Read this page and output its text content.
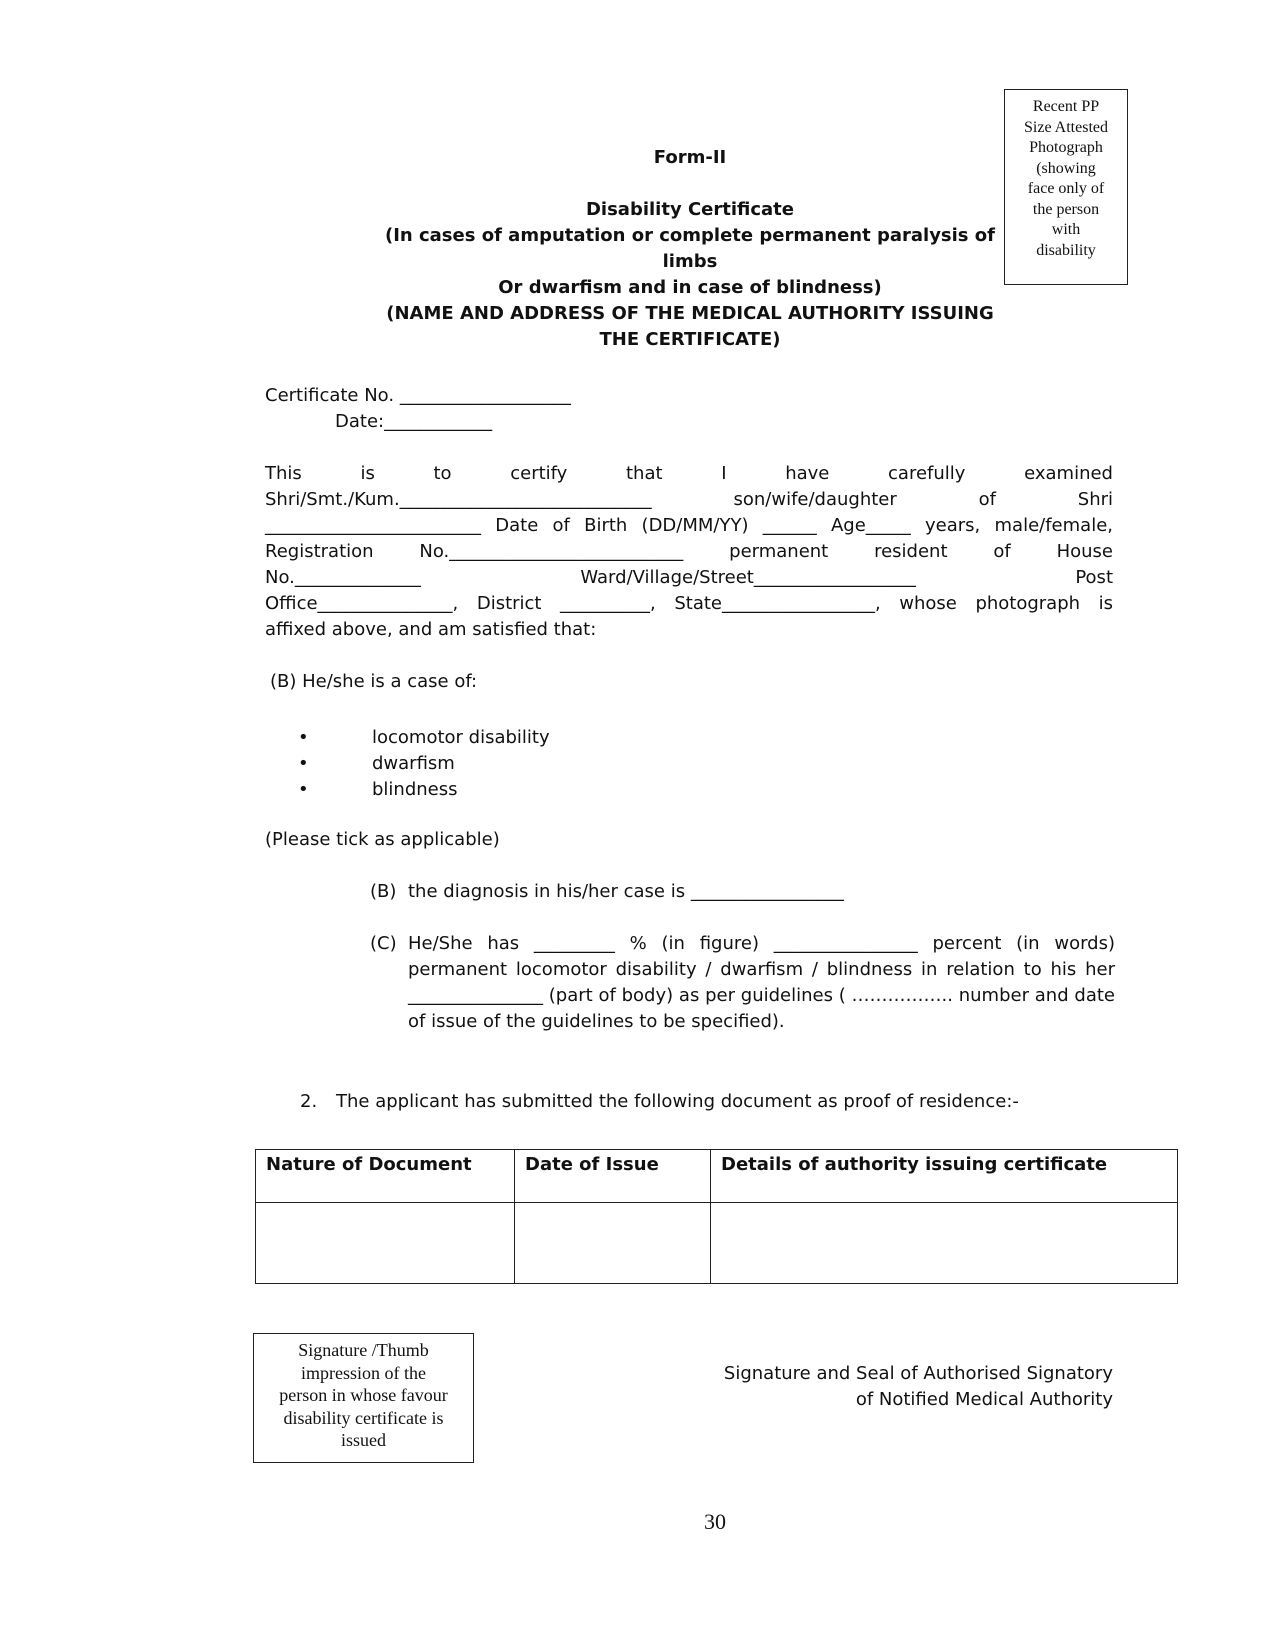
Recent PP
Size Attested
Photograph
(showing
face only of
the person
with
disability
Form-II
Disability Certificate
(In cases of amputation or complete permanent paralysis of limbs
Or dwarfism and in case of blindness)
(NAME AND ADDRESS OF THE MEDICAL AUTHORITY ISSUING
THE CERTIFICATE)
Certificate No. ___________________
Date:____________
This is to certify that I have carefully examined
Shri/Smt./Kum.____________________________ son/wife/daughter of Shri
________________________ Date of Birth (DD/MM/YY) ______ Age_____ years, male/female,
Registration No.__________________________ permanent resident of House
No.______________ Ward/Village/Street__________________ Post
Office_______________, District __________, State_________________, whose photograph is
affixed above, and am satisfied that:
(B) He/she is a case of:
•	locomotor disability
•	dwarfism
•	blindness
(Please tick as applicable)
(B) the diagnosis in his/her case is _________________
(C) He/She has _________ % (in figure) ________________ percent (in words)
permanent locomotor disability / dwarfism / blindness in relation to his her
_______________ (part of body) as per guidelines ( …………….. number and date
of issue of the guidelines to be specified).
2. The applicant has submitted the following document as proof of residence:-
Nature of Document	Date of Issue	Details of authority issuing certificate

Signature /Thumb
impression of the
person in whose favour
disability certificate is
issued
Signature and Seal of Authorised Signatory
of Notified Medical Authority
30
